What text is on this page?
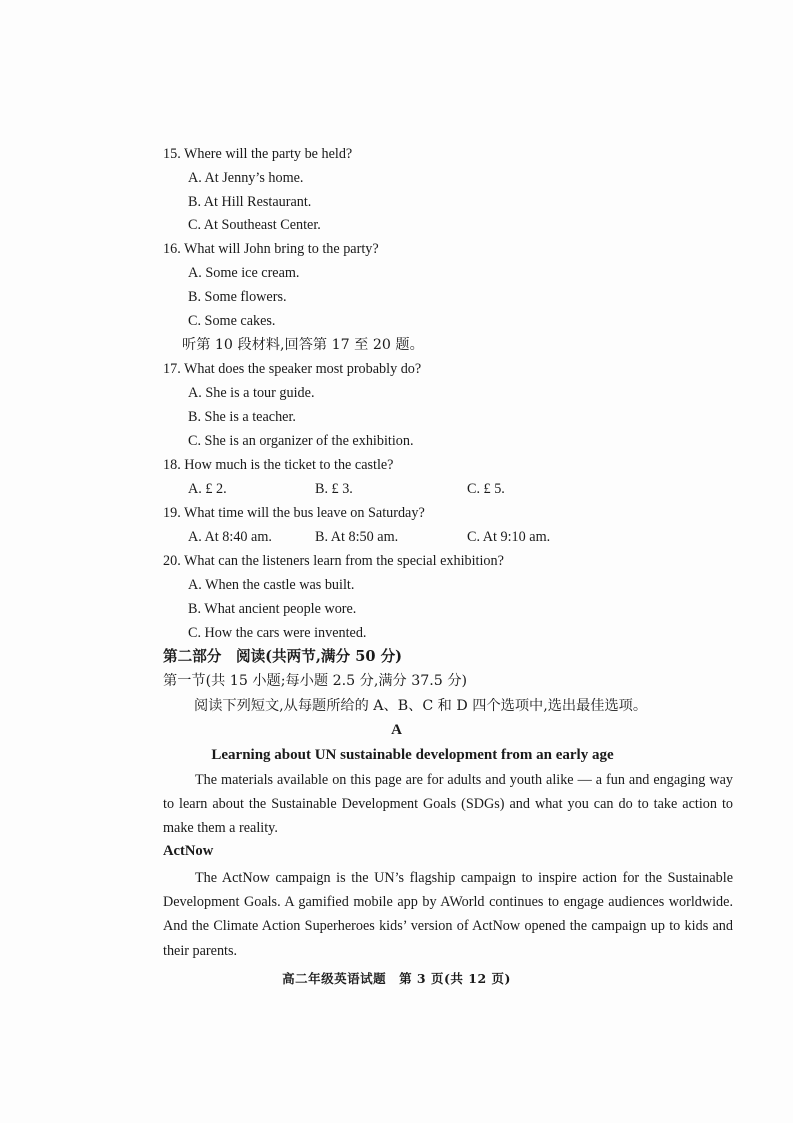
15. Where will the party be held?
A. At Jenny’s home.
B. At Hill Restaurant.
C. At Southeast Center.
16. What will John bring to the party?
A. Some ice cream.
B. Some flowers.
C. Some cakes.
听第 10 段材料,回答第 17 至 20 题。
17. What does the speaker most probably do?
A. She is a tour guide.
B. She is a teacher.
C. She is an organizer of the exhibition.
18. How much is the ticket to the castle?
A. £ 2.	B. £ 3.	C. £ 5.
19. What time will the bus leave on Saturday?
A. At 8:40 am.	B. At 8:50 am.	C. At 9:10 am.
20. What can the listeners learn from the special exhibition?
A. When the castle was built.
B. What ancient people wore.
C. How the cars were invented.
第二部分　阅读(共两节,满分 50 分)
第一节(共 15 小题;每小题 2.5 分,满分 37.5 分)
阅读下列短文,从每题所给的 A、B、C 和 D 四个选项中,选出最佳选项。
A
Learning about UN sustainable development from an early age
The materials available on this page are for adults and youth alike — a fun and engaging way to learn about the Sustainable Development Goals (SDGs) and what you can do to take action to make them a reality.
ActNow
The ActNow campaign is the UN’s flagship campaign to inspire action for the Sustainable Development Goals. A gamified mobile app by AWorld continues to engage audiences worldwide. And the Climate Action Superheroes kids’ version of ActNow opened the campaign up to kids and their parents.
高二年级英语试题　第 3 页(共 12 页)
